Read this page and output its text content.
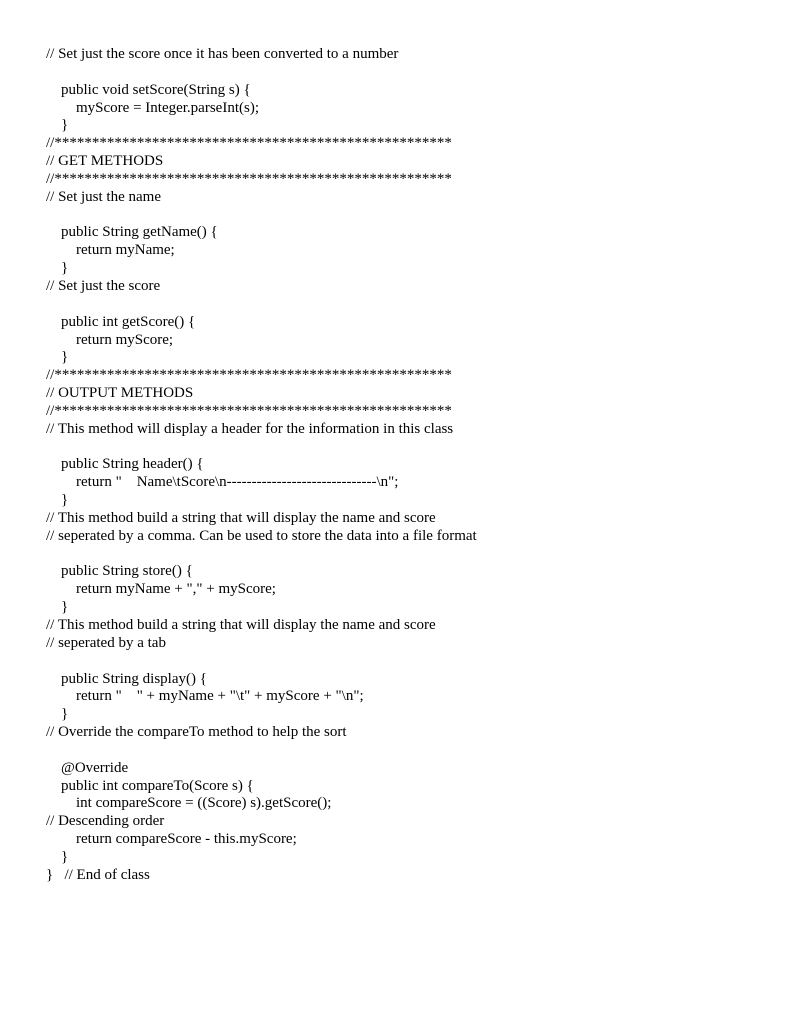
// Set just the score once it has been converted to a number
public void setScore(String s) {
myScore = Integer.parseInt(s);
}
//*****************************************************
// GET METHODS
//*****************************************************
// Set just the name
public String getName() {
return myName;
}
// Set just the score
public int getScore() {
return myScore;
}
//*****************************************************
// OUTPUT METHODS
//*****************************************************
// This method will display a header for the information in this class
public String header() {
return "    Name\tScore\n------------------------------\n";
}
// This method build a string that will display the name and score
// seperated by a comma. Can be used to store the data into a file format
public String store() {
return myName + "," + myScore;
}
// This method build a string that will display the name and score
// seperated by a tab
public String display() {
return "    " + myName + "\t" + myScore + "\n";
}
// Override the compareTo method to help the sort
@Override
public int compareTo(Score s) {
int compareScore = ((Score) s).getScore();
// Descending order
return compareScore - this.myScore;
}
}   // End of class
